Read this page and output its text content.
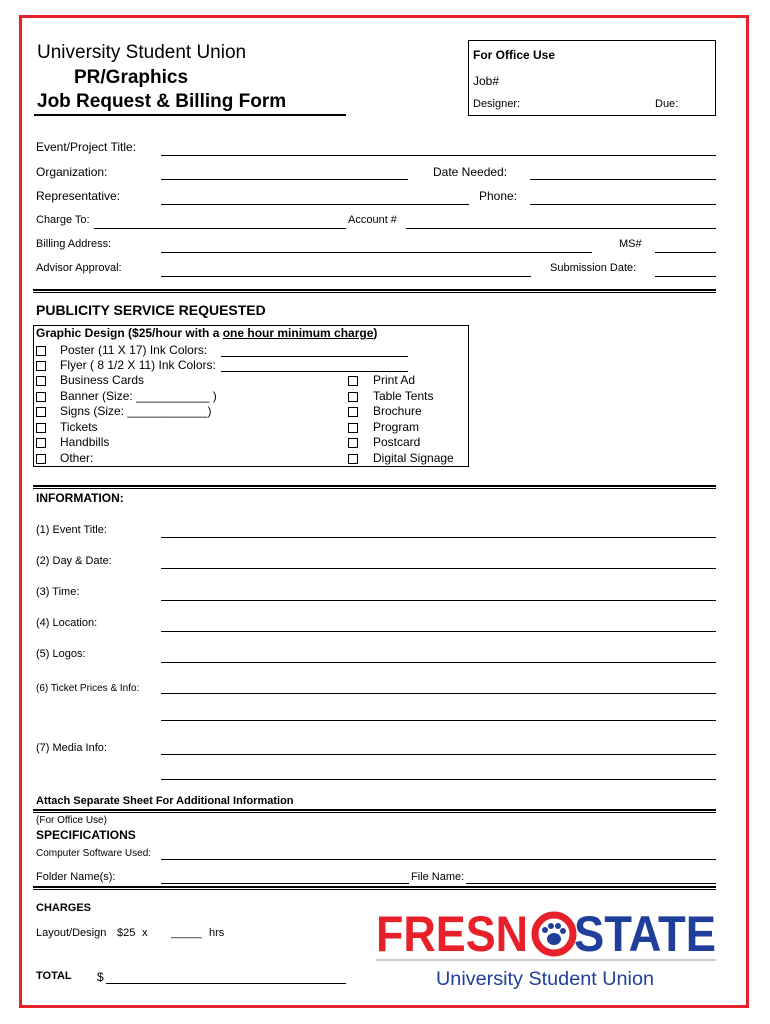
University Student Union
PR/Graphics
Job Request & Billing Form
For Office Use
Job#
Designer:	Due:
Event/Project Title:
Organization:	Date Needed:
Representative:	Phone:
Charge To:	Account #
Billing Address:	MS#
Advisor Approval:	Submission Date:
PUBLICITY SERVICE REQUESTED
Graphic Design ($25/hour with a one hour minimum charge)
Poster (11 X 17) Ink Colors:
Flyer ( 8 1/2 X 11) Ink Colors:
Business Cards
Banner (Size: ___________ )
Signs (Size: ____________)
Tickets
Handbills
Other:
Print Ad
Table Tents
Brochure
Program
Postcard
Digital Signage
INFORMATION:
(1) Event Title:
(2) Day & Date:
(3) Time:
(4) Location:
(5) Logos:
(6) Ticket Prices & Info:
(7) Media Info:
Attach Separate Sheet For Additional Information
(For Office Use)
SPECIFICATIONS
Computer Software Used:
Folder Name(s):	File Name:
CHARGES
Layout/Design $25 x _____ hrs
TOTAL $
FRESN STATE
University Student Union
